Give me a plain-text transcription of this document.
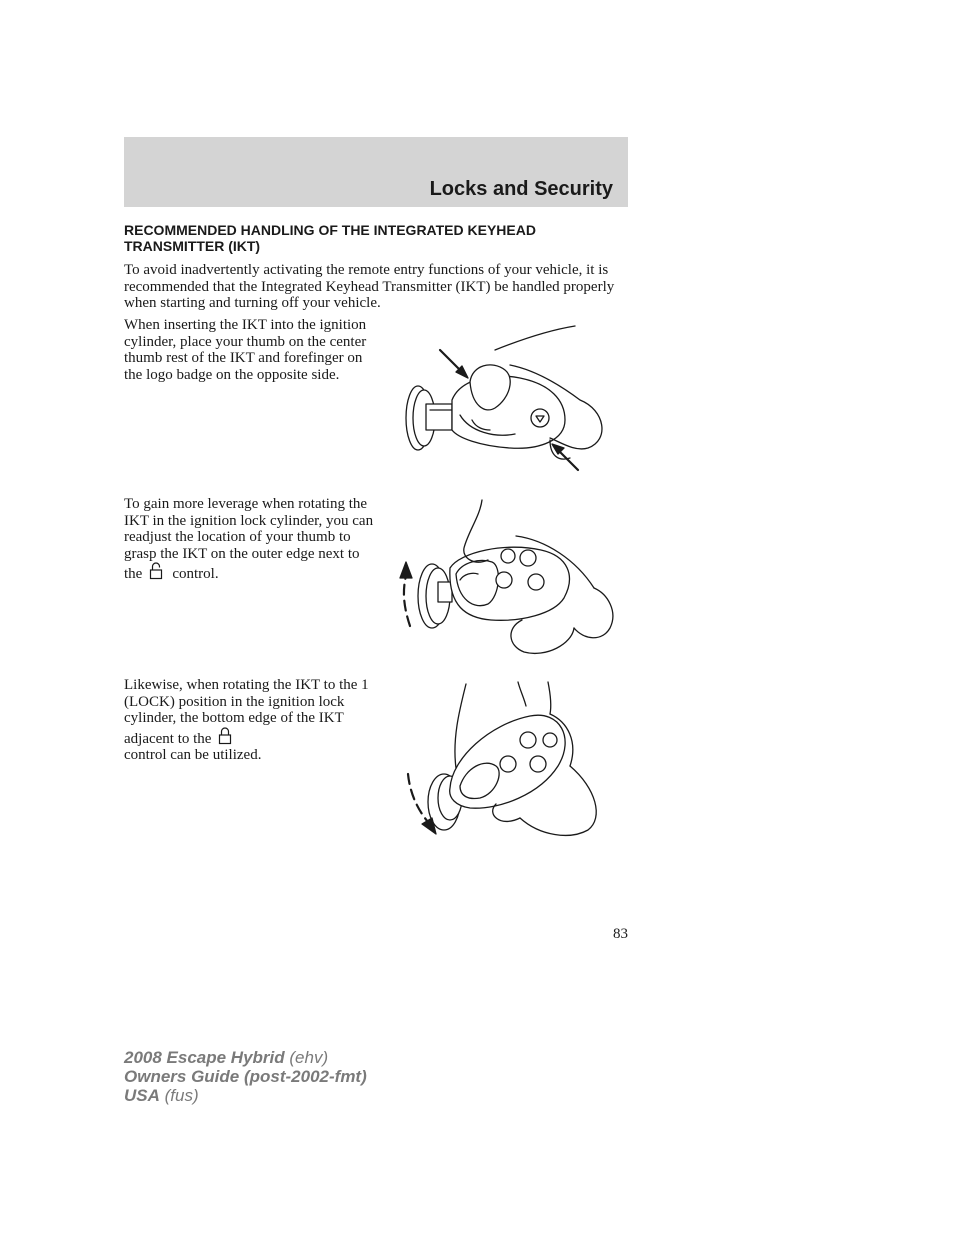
Locks and Security
RECOMMENDED HANDLING OF THE INTEGRATED KEYHEAD TRANSMITTER (IKT)
To avoid inadvertently activating the remote entry functions of your vehicle, it is recommended that the Integrated Keyhead Transmitter (IKT) be handled properly when starting and turning off your vehicle.
When inserting the IKT into the ignition cylinder, place your thumb on the center thumb rest of the IKT and forefinger on the logo badge on the opposite side.
To gain more leverage when rotating the IKT in the ignition lock cylinder, you can readjust the location of your thumb to grasp the IKT on the outer edge next to the control.
Likewise, when rotating the IKT to the 1 (LOCK) position in the ignition lock cylinder, the bottom edge of the IKT adjacent to the
control can be utilized.
83
2008 Escape Hybrid (ehv)
Owners Guide (post-2002-fmt)
USA (fus)
